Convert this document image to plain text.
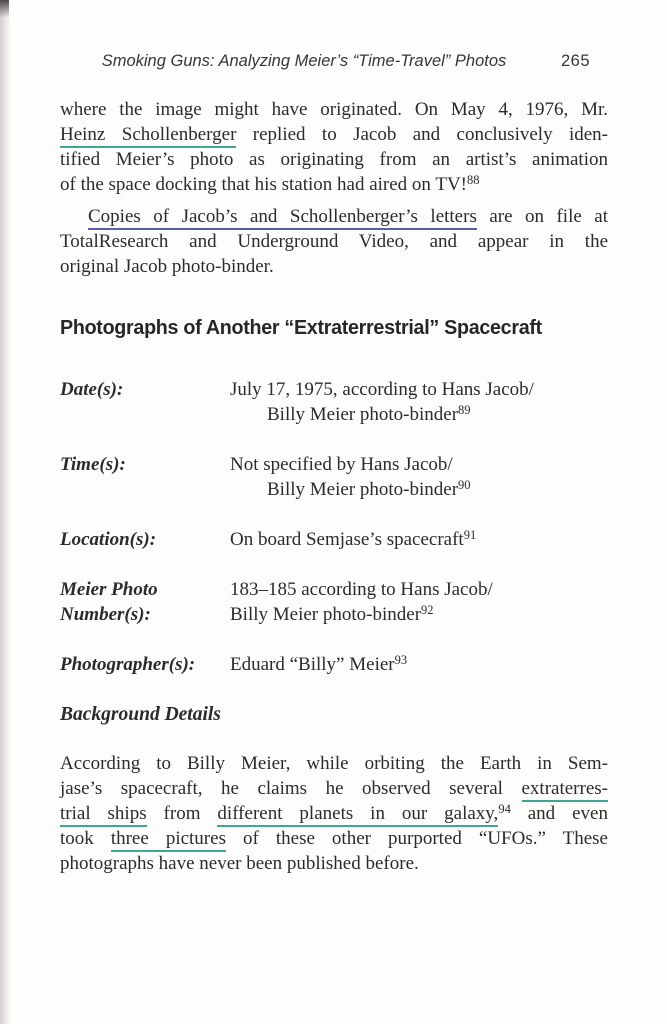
Smoking Guns: Analyzing Meier’s “Time-Travel” Photos	265
where the image might have originated. On May 4, 1976, Mr.
Heinz Schollenberger replied to Jacob and conclusively iden-
tified Meier’s photo as originating from an artist’s animation
of the space docking that his station had aired on TV!$^{88}$
Copies of Jacob’s and Schollenberger’s letters are on file at
TotalResearch and Underground Video, and appear in the
original Jacob photo-binder.
Photographs of Another “Extraterrestrial” Spacecraft
Date(s):	July 17, 1975, according to Hans Jacob/
Billy Meier photo-binder$^{89}$
Time(s):	Not specified by Hans Jacob/
Billy Meier photo-binder$^{90}$
Location(s):	On board Semjase’s spacecraft$^{91}$
Meier Photo
Number(s):
183–185 according to Hans Jacob/
Billy Meier photo-binder$^{92}$
Photographer(s):	Eduard “Billy” Meier$^{93}$
Background Details
According to Billy Meier, while orbiting the Earth in Sem-
jase’s spacecraft, he claims he observed several extraterres-
trial ships from different planets in our galaxy,$^{94}$ and even
took three pictures of these other purported “UFOs.” These
photographs have never been published before.
